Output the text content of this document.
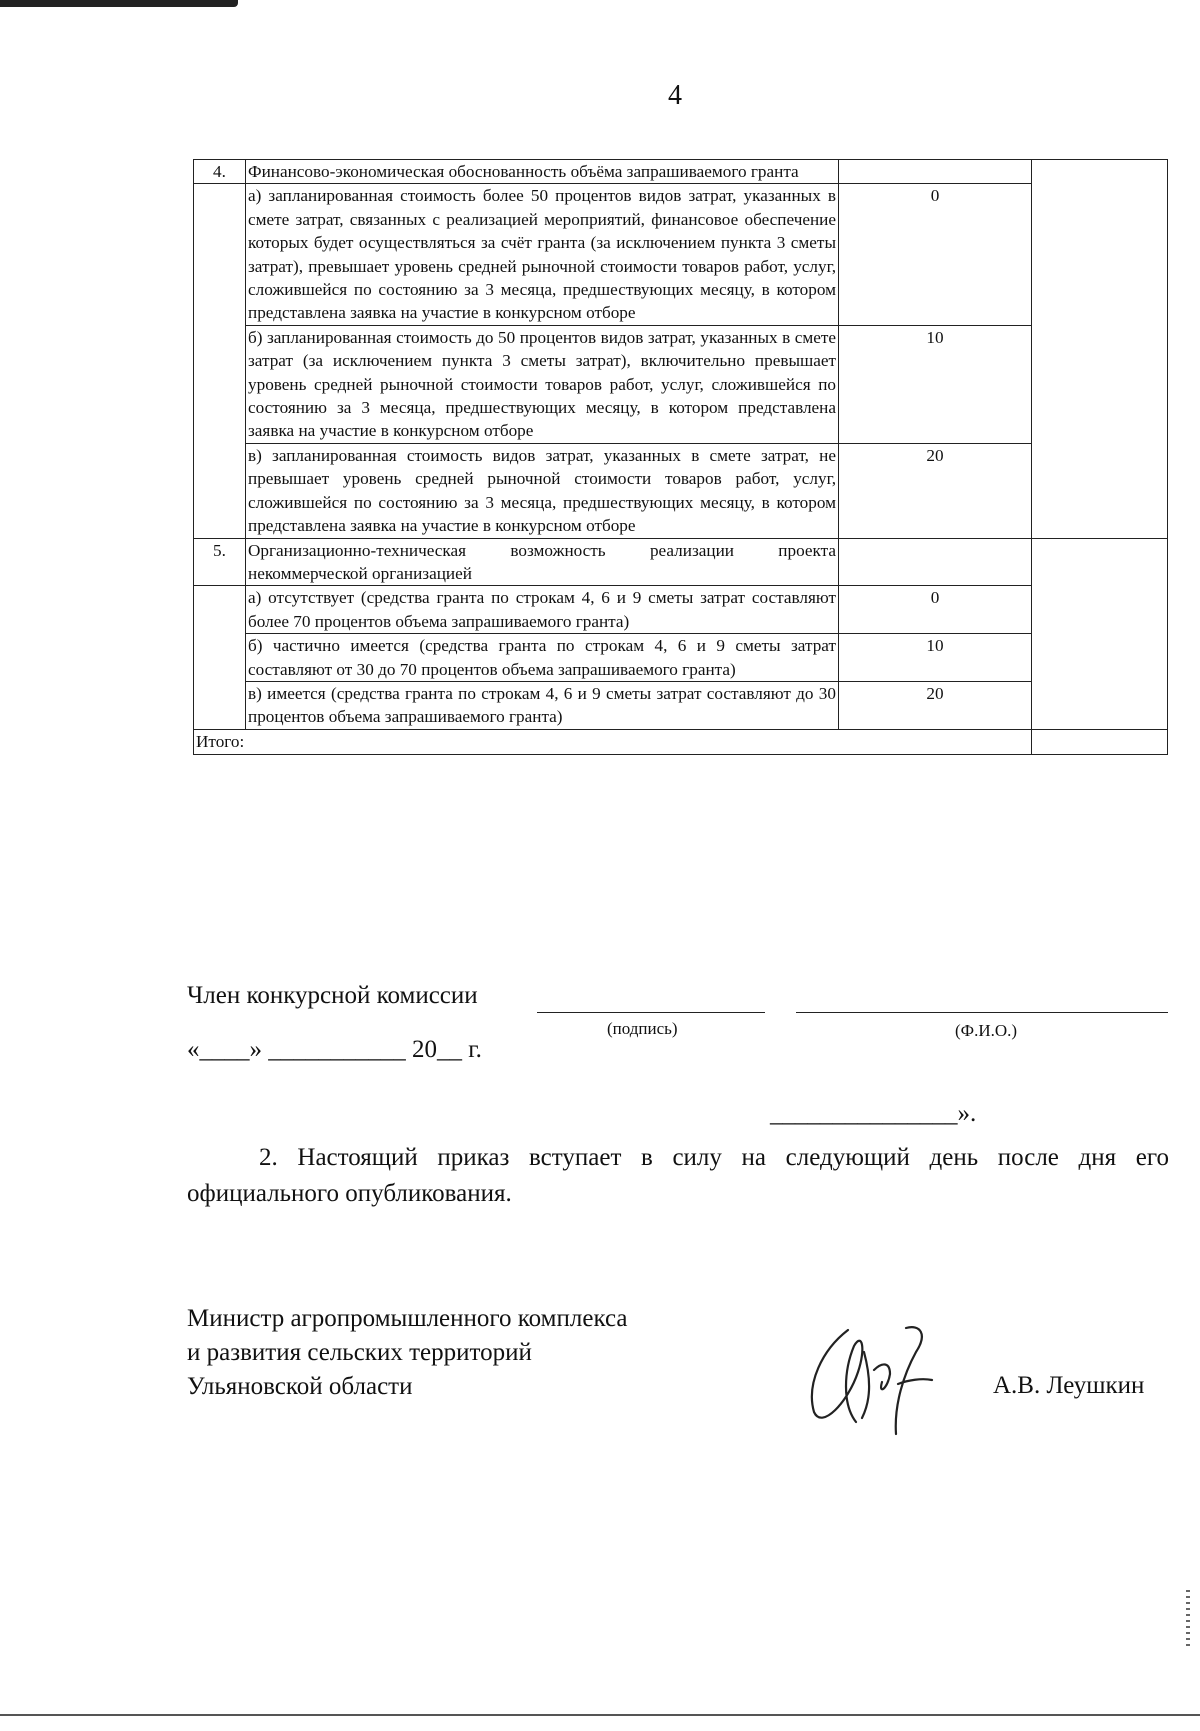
4
4.	Финансово-экономическая обоснованность объёма запрашиваемого гранта		
	а) запланированная стоимость более 50 процентов видов затрат, указанных в смете затрат, связанных с реализацией мероприятий, финансовое обеспечение которых будет осуществляться за счёт гранта (за исключением пункта 3 сметы затрат), превышает уровень средней рыночной стоимости товаров работ, услуг, сложившейся по состоянию за 3 месяца, предшествующих месяцу, в котором представлена заявка на участие в конкурсном отборе	0	
	б) запланированная стоимость до 50 процентов видов затрат, указанных в смете затрат (за исключением пункта 3 сметы затрат), включительно превышает уровень средней рыночной стоимости товаров работ, услуг, сложившейся по состоянию за 3 месяца, предшествующих месяцу, в котором представлена заявка на участие в конкурсном отборе	10	
	в) запланированная стоимость видов затрат, указанных в смете затрат, не превышает уровень средней рыночной стоимости товаров работ, услуг, сложившейся по состоянию за 3 месяца, предшествующих месяцу, в котором представлена заявка на участие в конкурсном отборе	20	
5.	Организационно-техническая возможность реализации проекта некоммерческой организацией		
	а) отсутствует (средства гранта по строкам 4, 6 и 9 сметы затрат составляют более 70 процентов объема запрашиваемого гранта)	0	
	б) частично имеется (средства гранта по строкам 4, 6 и 9 сметы затрат составляют от 30 до 70 процентов объема запрашиваемого гранта)	10	
	в) имеется (средства гранта по строкам 4, 6 и 9 сметы затрат составляют до 30 процентов объема запрашиваемого гранта)	20	
Итого:			
Член конкурсной комиссии
(подпись)	(Ф.И.О.)
«____» ___________ 20__ г.
_______________».
2. Настоящий приказ вступает в силу на следующий день после дня его официального опубликования.
Министр агропромышленного комплекса
и развития сельских территорий
Ульяновской области	А.В. Леушкин
